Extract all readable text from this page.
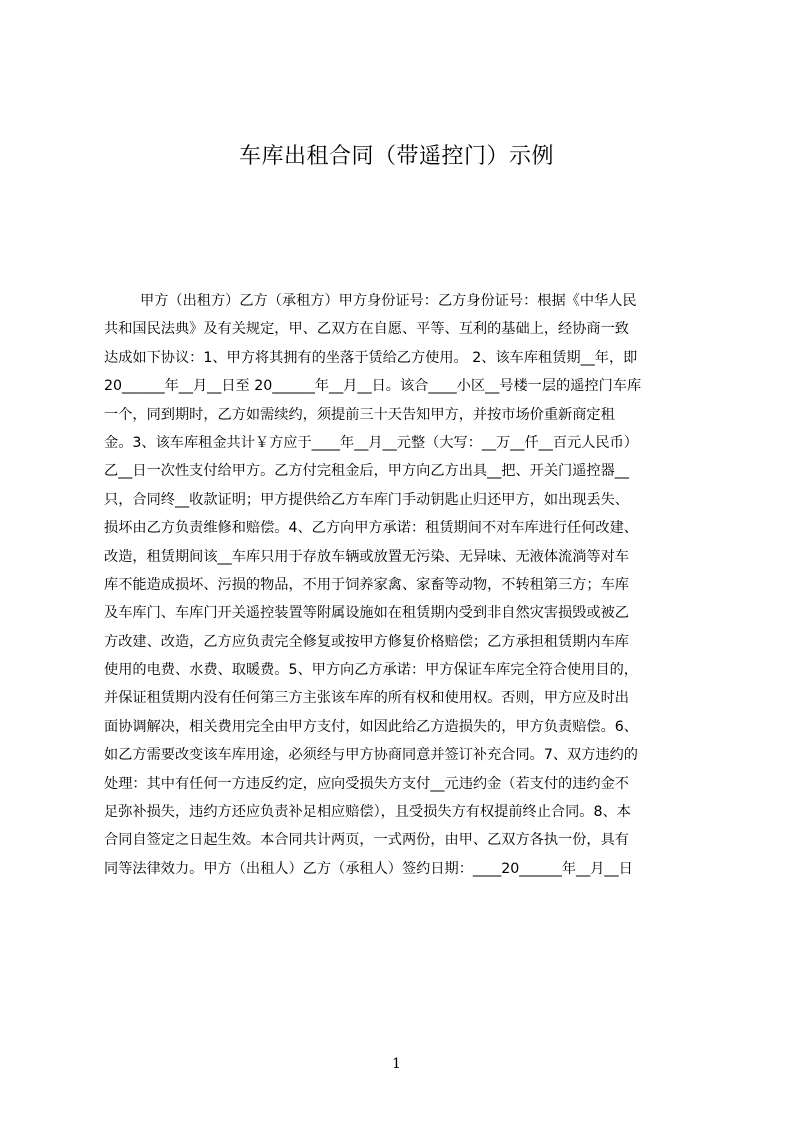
车库出租合同（带遥控门）示例
甲方（出租方）乙方（承租方）甲方身份证号：乙方身份证号：根据《中华人民
共和国民法典》及有关规定，甲、乙双方在自愿、平等、互利的基础上，经协商一致
达成如下协议：1、甲方将其拥有的坐落于赁给乙方使用。 2、该车库租赁期__年，即
20______年__月__日至 20______年__月__日。该合____小区__号楼一层的遥控门车库
一个，同到期时，乙方如需续约，须提前三十天告知甲方，并按市场价重新商定租
金。3、该车库租金共计￥方应于____年__月__元整（大写：__万__仟__百元人民币）
乙__日一次性支付给甲方。乙方付完租金后，甲方向乙方出具__把、开关门遥控器__
只，合同终__收款证明；甲方提供给乙方车库门手动钥匙止归还甲方，如出现丢失、
损坏由乙方负责维修和赔偿。4、乙方向甲方承诺：租赁期间不对车库进行任何改建、
改造，租赁期间该__车库只用于存放车辆或放置无污染、无异味、无液体流淌等对车
库不能造成损坏、污损的物品，不用于饲养家禽、家畜等动物，不转租第三方；车库
及车库门、车库门开关遥控装置等附属设施如在租赁期内受到非自然灾害损毁或被乙
方改建、改造，乙方应负责完全修复或按甲方修复价格赔偿；乙方承担租赁期内车库
使用的电费、水费、取暖费。5、甲方向乙方承诺：甲方保证车库完全符合使用目的，
并保证租赁期内没有任何第三方主张该车库的所有权和使用权。否则，甲方应及时出
面协调解决，相关费用完全由甲方支付，如因此给乙方造损失的，甲方负责赔偿。6、
如乙方需要改变该车库用途，必须经与甲方协商同意并签订补充合同。7、双方违约的
处理：其中有任何一方违反约定，应向受损失方支付__元违约金（若支付的违约金不
足弥补损失，违约方还应负责补足相应赔偿），且受损失方有权提前终止合同。8、本
合同自签定之日起生效。本合同共计两页，一式两份，由甲、乙双方各执一份，具有
同等法律效力。甲方（出租人）乙方（承租人）签约日期：____20______年__月__日
1
